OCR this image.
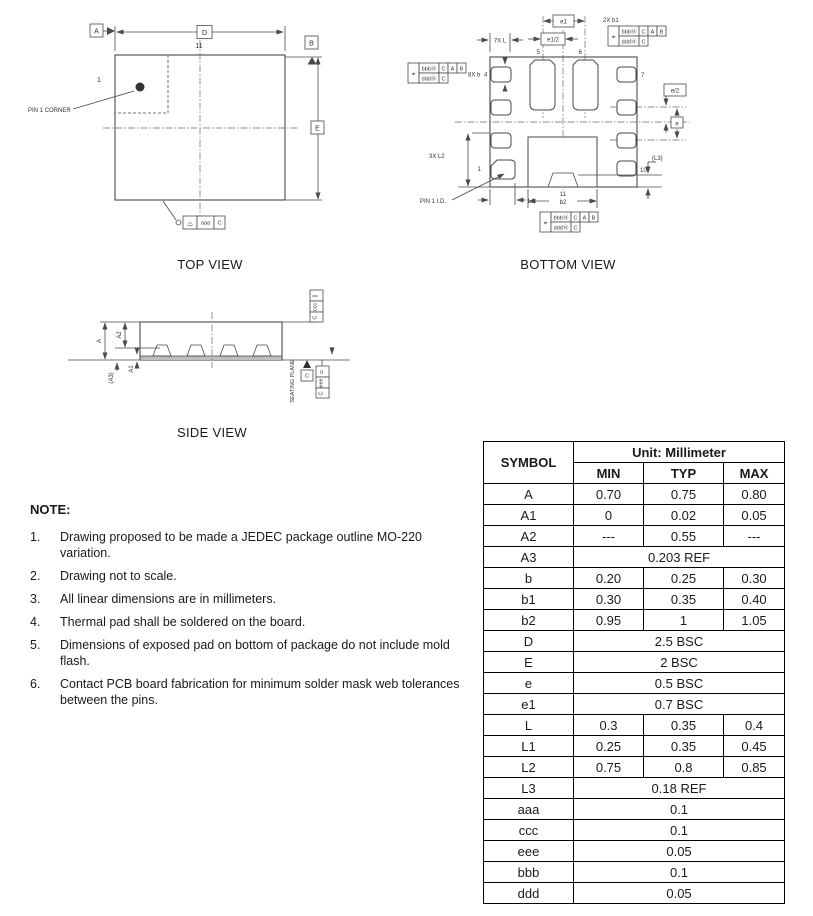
D
11
A
B
E
1
PIN 1 CORNER
⌓ aaa C
TOP VIEW
e1
e1/2
7X L
2X b1
⌖
bbbⓂ C A B
dddⓂ C
⌖
bbbⓂ C A B
dddⓂ C
8X b 4
5	6
7
e/2
e
3X L2
1
PIN 1 I.D.	L1
11
b2
⌖
bbbⓂ C A B
dddⓂ C
(L3)
10
BOTTOM VIEW
A
A2
A1
(A3)
∥
ccc
C
C
SEATING PLANE	⌓
eee
C
SIDE VIEW
NOTE:
1.	Drawing proposed to be made a JEDEC package outline MO-220 variation.
2.	Drawing not to scale.
3.	All linear dimensions are in millimeters.
4.	Thermal pad shall be soldered on the board.
5.	Dimensions of exposed pad on bottom of package do not include mold flash.
6.	Contact PCB board fabrication for minimum solder mask web tolerances between the pins.
SYMBOL	Unit: Millimeter		
	MIN	TYP	MAX
A	0.70	0.75	0.80
A1	0	0.02	0.05
A2	---	0.55	---
A3	0.203 REF		
b	0.20	0.25	0.30
b1	0.30	0.35	0.40
b2	0.95	1	1.05
D	2.5 BSC		
E	2 BSC		
e	0.5 BSC		
e1	0.7 BSC		
L	0.3	0.35	0.4
L1	0.25	0.35	0.45
L2	0.75	0.8	0.85
L3	0.18 REF		
aaa	0.1		
ccc	0.1		
eee	0.05		
bbb	0.1		
ddd	0.05		
